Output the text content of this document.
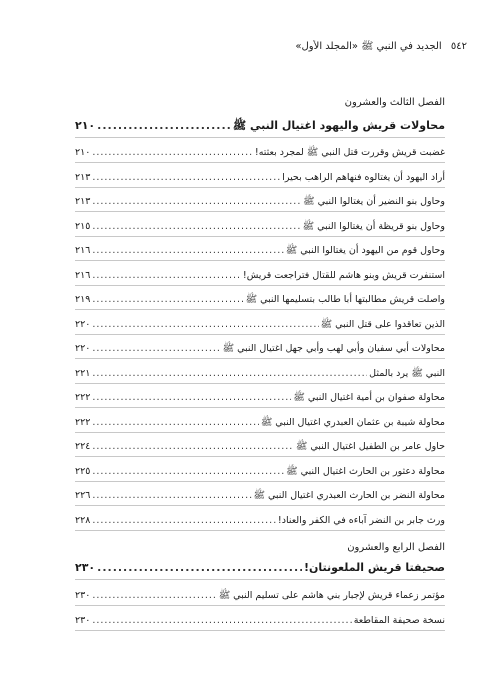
٥٤٢ الجديد في النبي ﷺ «المجلد الأول»
الفصل الثالث والعشرون
محاولات قريش واليهود اغتيال النبي ﷺ
.....
٢١٠
غضبت قريش وقررت قتل النبي ﷺ لمجرد بعثته!
.....
٢١٠
أراد اليهود أن يغتالوه فنهاهم الراهب بحيرا
.....
٢١٣
وحاول بنو النضير أن يغتالوا النبي ﷺ
.....
٢١٣
وحاول بنو قريظة أن يغتالوا النبي ﷺ
.....
٢١٥
وحاول قوم من اليهود أن يغتالوا النبي ﷺ
.....
٢١٦
استنفرت قريش وبنو هاشم للقتال فتراجعت قريش!
.....
٢١٦
واصلت قريش مطالبتها أبا طالب بتسليمها النبي ﷺ
.....
٢١٩
الذين تعاقدوا على قتل النبي ﷺ
.....
٢٢٠
محاولات أبي سفيان وأبي لهب وأبي جهل اغتيال النبي ﷺ
.....
٢٢٠
النبي ﷺ يرد بالمثل
.....
٢٢١
محاولة صفوان بن أمية اغتيال النبي ﷺ
.....
٢٢٢
محاولة شيبة بن عثمان العبدري اغتيال النبي ﷺ
.....
٢٢٢
حاول عامر بن الطفيل اغتيال النبي ﷺ
.....
٢٢٤
محاولة دعثور بن الحارث اغتيال النبي ﷺ
.....
٢٢٥
محاولة النضر بن الحارث العبدري اغتيال النبي ﷺ
.....
٢٢٦
ورث جابر بن النضر آباءه في الكفر والعناد!
.....
٢٢٨
الفصل الرابع والعشرون
صحيفتا قريش الملعونتان!
.....
٢٣٠
مؤتمر زعماء قريش لإجبار بني هاشم على تسليم النبي ﷺ
.....
٢٣٠
نسخة صحيفة المقاطعة
.....
٢٣٠
